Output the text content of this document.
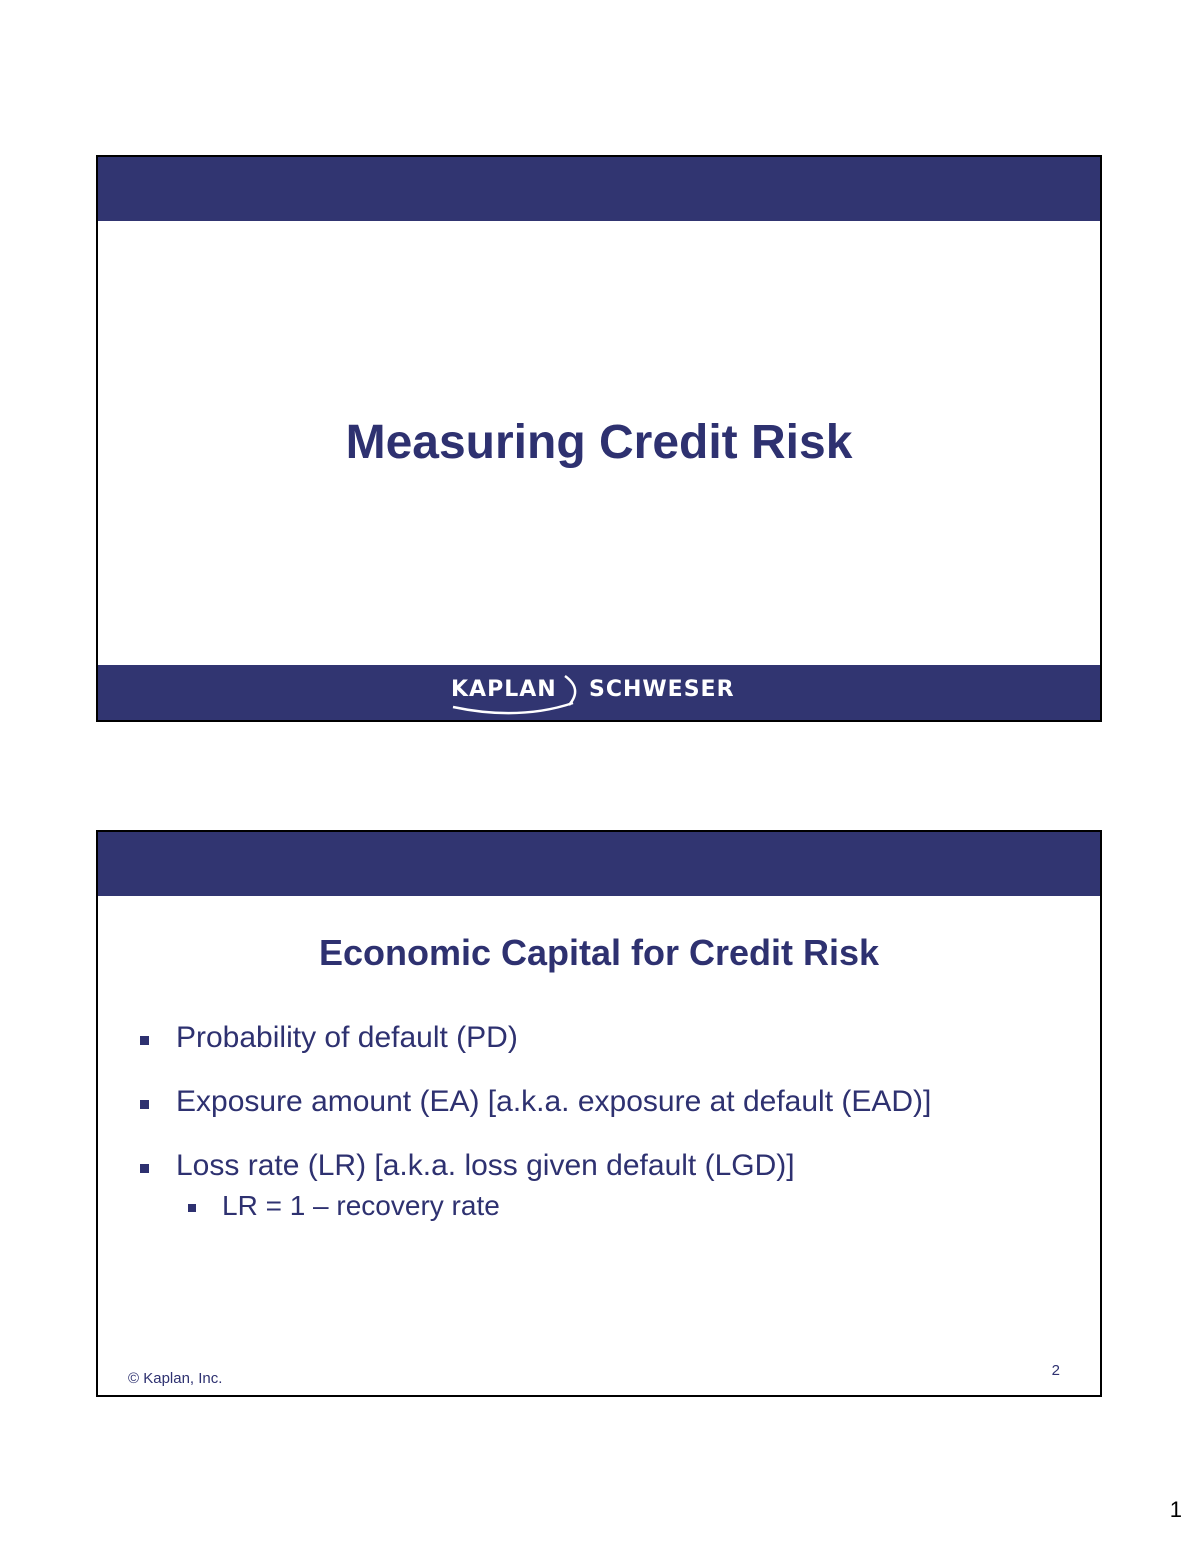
Measuring Credit Risk
KAPLAN SCHWESER
Economic Capital for Credit Risk
Probability of default (PD)
Exposure amount (EA) [a.k.a. exposure at default (EAD)]
Loss rate (LR) [a.k.a. loss given default (LGD)]
LR = 1 – recovery rate
© Kaplan, Inc.	2
1
